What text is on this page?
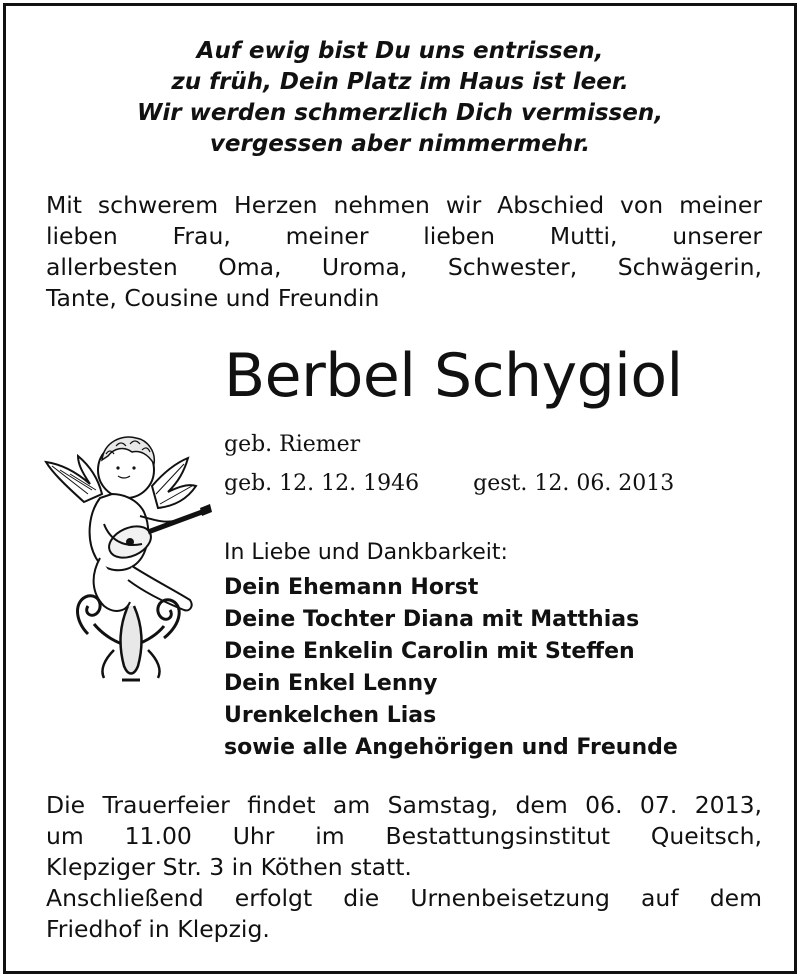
Auf ewig bist Du uns entrissen,
zu früh, Dein Platz im Haus ist leer.
Wir werden schmerzlich Dich vermissen,
vergessen aber nimmermehr.
Mit schwerem Herzen nehmen wir Abschied von meiner
lieben Frau, meiner lieben Mutti, unserer
allerbesten Oma, Uroma, Schwester, Schwägerin,
Tante, Cousine und Freundin
Berbel Schygiol
geb. Riemer
geb. 12. 12. 1946 gest. 12. 06. 2013
In Liebe und Dankbarkeit:
Dein Ehemann Horst
Deine Tochter Diana mit Matthias
Deine Enkelin Carolin mit Steffen
Dein Enkel Lenny
Urenkelchen Lias
sowie alle Angehörigen und Freunde
Die Trauerfeier findet am Samstag, dem 06. 07. 2013,
um 11.00 Uhr im Bestattungsinstitut Queitsch,
Klepziger Str. 3 in Köthen statt.
Anschließend erfolgt die Urnenbeisetzung auf dem
Friedhof in Klepzig.
